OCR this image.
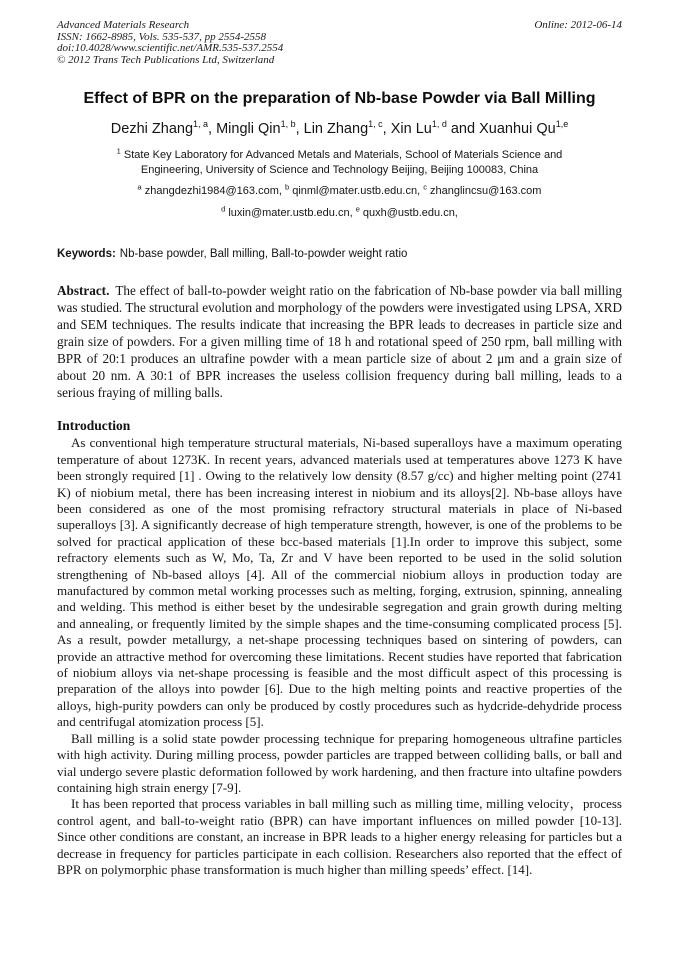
Advanced Materials Research
ISSN: 1662-8985, Vols. 535-537, pp 2554-2558
doi:10.4028/www.scientific.net/AMR.535-537.2554
© 2012 Trans Tech Publications Ltd, Switzerland
Online: 2012-06-14
Effect of BPR on the preparation of Nb-base Powder via Ball Milling
Dezhi Zhang$^{1, a}$, Mingli Qin$^{1, b}$, Lin Zhang$^{1, c}$, Xin Lu$^{1, d}$ and Xuanhui Qu$^{1,e}$
$^1$ State Key Laboratory for Advanced Metals and Materials, School of Materials Science and
Engineering, University of Science and Technology Beijing, Beijing 100083, China
$^a$ zhangdezhi1984@163.com, $^b$ qinml@mater.ustb.edu.cn, $^c$ zhanglincsu@163.com
$^d$ luxin@mater.ustb.edu.cn, $^e$ quxh@ustb.edu.cn,
Keywords: Nb-base powder, Ball milling, Ball-to-powder weight ratio

Abstract. The effect of ball-to-powder weight ratio on the fabrication of Nb-base powder via ball milling was studied. The structural evolution and morphology of the powders were investigated using LPSA, XRD and SEM techniques. The results indicate that increasing the BPR leads to decreases in particle size and grain size of powders. For a given milling time of 18 h and rotational speed of 250 rpm, ball milling with BPR of 20:1 produces an ultrafine powder with a mean particle size of about 2 μm and a grain size of about 20 nm. A 30:1 of BPR increases the useless collision frequency during ball milling, leads to a serious fraying of milling balls.

Introduction

As conventional high temperature structural materials, Ni-based superalloys have a maximum operating temperature of about 1273K. In recent years, advanced materials used at temperatures above 1273 K have been strongly required [1] . Owing to the relatively low density (8.57 g/cc) and higher melting point (2741 K) of niobium metal, there has been increasing interest in niobium and its alloys[2]. Nb-base alloys have been considered as one of the most promising refractory structural materials in place of Ni-based superalloys [3]. A significantly decrease of high temperature strength, however, is one of the problems to be solved for practical application of these bcc-based materials [1].In order to improve this subject, some refractory elements such as W, Mo, Ta, Zr and V have been reported to be used in the solid solution strengthening of Nb-based alloys [4]. All of the commercial niobium alloys in production today are manufactured by common metal working processes such as melting, forging, extrusion, spinning, annealing and welding. This method is either beset by the undesirable segregation and grain growth during melting and annealing, or frequently limited by the simple shapes and the time-consuming complicated process [5]. As a result, powder metallurgy, a net-shape processing techniques based on sintering of powders, can provide an attractive method for overcoming these limitations. Recent studies have reported that fabrication of niobium alloys via net-shape processing is feasible and the most difficult aspect of this processing is preparation of the alloys into powder [6]. Due to the high melting points and reactive properties of the alloys, high-purity powders can only be produced by costly procedures such as hydcride-dehydride process and centrifugal atomization process [5].

Ball milling is a solid state powder processing technique for preparing homogeneous ultrafine particles with high activity. During milling process, powder particles are trapped between colliding balls, or ball and vial undergo severe plastic deformation followed by work hardening, and then fracture into ultafine powders containing high strain energy [7-9].

It has been reported that process variables in ball milling such as milling time, milling velocity，process control agent, and ball-to-weight ratio (BPR) can have important influences on milled powder [10-13]. Since other conditions are constant, an increase in BPR leads to a higher energy releasing for particles but a decrease in frequency for particles participate in each collision. Researchers also reported that the effect of BPR on polymorphic phase transformation is much higher than milling speeds’ effect. [14].
